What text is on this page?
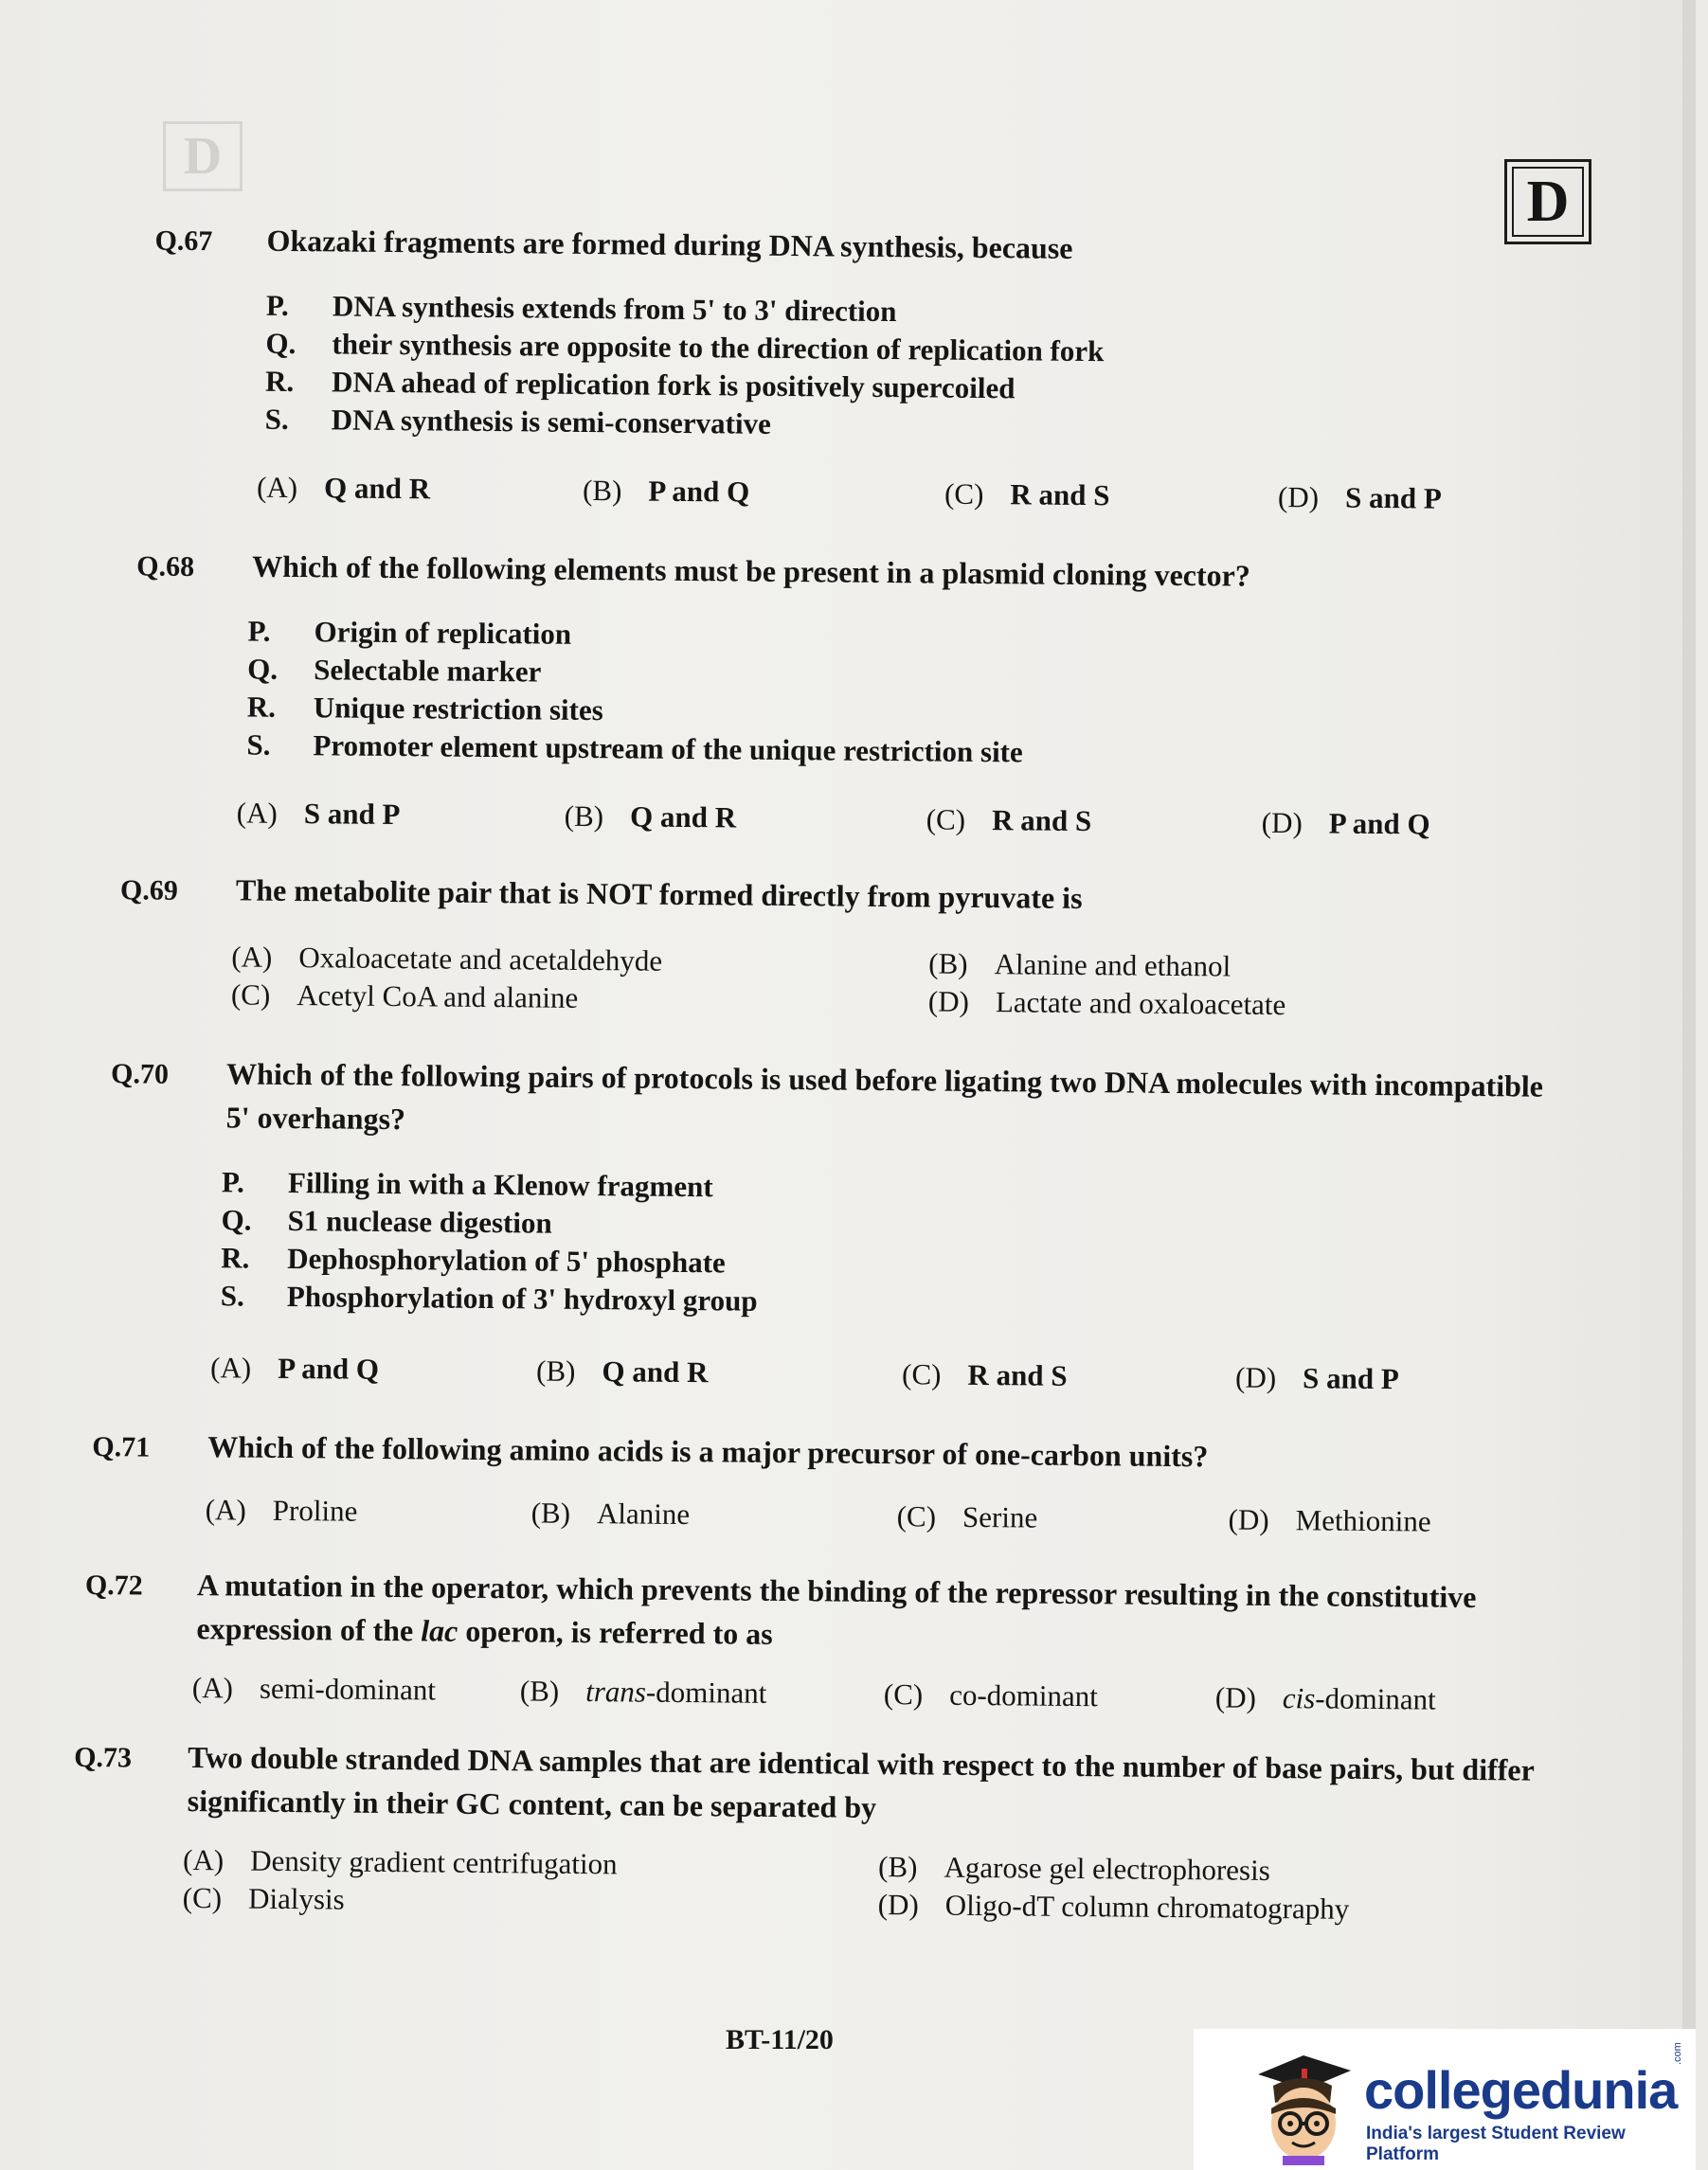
D
D
Q.67 Okazaki fragments are formed during DNA synthesis, because
P. DNA synthesis extends from 5' to 3' direction
Q. their synthesis are opposite to the direction of replication fork
R. DNA ahead of replication fork is positively supercoiled
S. DNA synthesis is semi-conservative
(A) Q and R	(B) P and Q	(C) R and S	(D) S and P
Q.68 Which of the following elements must be present in a plasmid cloning vector?
P. Origin of replication
Q. Selectable marker
R. Unique restriction sites
S. Promoter element upstream of the unique restriction site
(A) S and P	(B) Q and R	(C) R and S	(D) P and Q
Q.69 The metabolite pair that is NOT formed directly from pyruvate is
(A) Oxaloacetate and acetaldehyde	(B) Alanine and ethanol
(C) Acetyl CoA and alanine	(D) Lactate and oxaloacetate
Q.70 Which of the following pairs of protocols is used before ligating two DNA molecules with incompatible 5' overhangs?
P. Filling in with a Klenow fragment
Q. S1 nuclease digestion
R. Dephosphorylation of 5' phosphate
S. Phosphorylation of 3' hydroxyl group
(A) P and Q	(B) Q and R	(C) R and S	(D) S and P
Q.71 Which of the following amino acids is a major precursor of one-carbon units?
(A) Proline	(B) Alanine	(C) Serine	(D) Methionine
Q.72 A mutation in the operator, which prevents the binding of the repressor resulting in the constitutive expression of the lac operon, is referred to as
(A) semi-dominant	(B) trans-dominant	(C) co-dominant	(D) cis-dominant
Q.73 Two double stranded DNA samples that are identical with respect to the number of base pairs, but differ significantly in their GC content, can be separated by
(A) Density gradient centrifugation	(B) Agarose gel electrophoresis
(C) Dialysis	(D) Oligo-dT column chromatography
BT-11/20
collegedunia
.com
India's largest Student Review Platform
